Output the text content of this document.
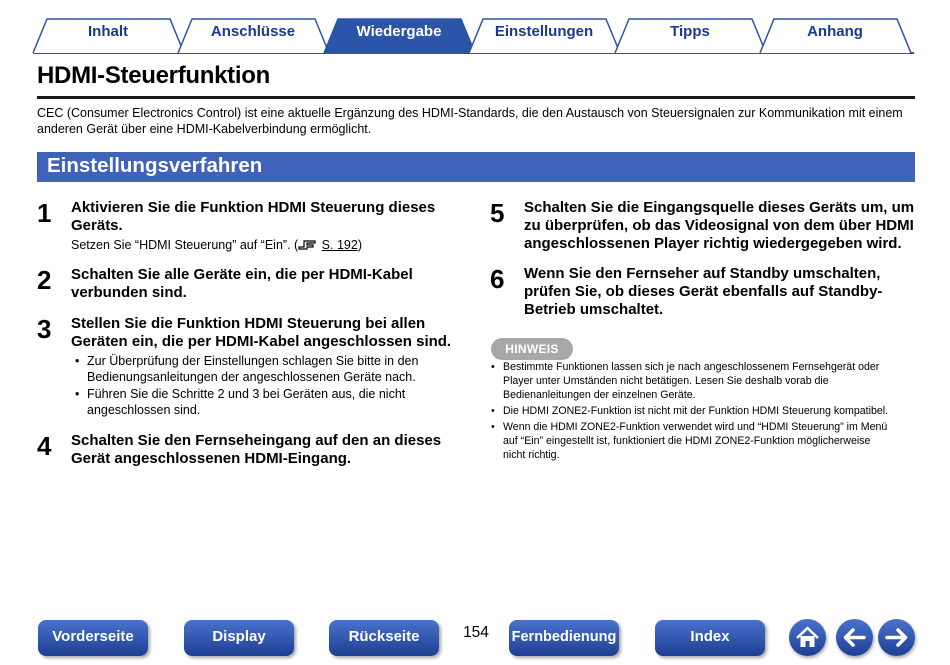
Inhalt	Anschlüsse	Wiedergabe	Einstellungen	Tipps	Anhang
HDMI-Steuerfunktion
CEC (Consumer Electronics Control) ist eine aktuelle Ergänzung des HDMI-Standards, die den Austausch von Steuersignalen zur Kommunikation mit einem anderen Gerät über eine HDMI-Kabelverbindung ermöglicht.
Einstellungsverfahren
1 Aktivieren Sie die Funktion HDMI Steuerung dieses
Geräts.
Setzen Sie “HDMI Steuerung” auf “Ein”. ( S. 192)
2 Schalten Sie alle Geräte ein, die per HDMI-Kabel
verbunden sind.
3 Stellen Sie die Funktion HDMI Steuerung bei allen
Geräten ein, die per HDMI-Kabel angeschlossen sind.
• Zur Überprüfung der Einstellungen schlagen Sie bitte in den
Bedienungsanleitungen der angeschlossenen Geräte nach.
• Führen Sie die Schritte 2 und 3 bei Geräten aus, die nicht
angeschlossen sind.
4 Schalten Sie den Fernseheingang auf den an dieses
Gerät angeschlossenen HDMI-Eingang.
5 Schalten Sie die Eingangsquelle dieses Geräts um, um
zu überprüfen, ob das Videosignal von dem über HDMI
angeschlossenen Player richtig wiedergegeben wird.
6 Wenn Sie den Fernseher auf Standby umschalten,
prüfen Sie, ob dieses Gerät ebenfalls auf Standby-
Betrieb umschaltet.
HINWEIS
• Bestimmte Funktionen lassen sich je nach angeschlossenem Fernsehgerät oder
Player unter Umständen nicht betätigen. Lesen Sie deshalb vorab die
Bedienanleitungen der einzelnen Geräte.
• Die HDMI ZONE2-Funktion ist nicht mit der Funktion HDMI Steuerung kompatibel.
• Wenn die HDMI ZONE2-Funktion verwendet wird und “HDMI Steuerung” im Menü
auf “Ein” eingestellt ist, funktioniert die HDMI ZONE2-Funktion möglicherweise
nicht richtig.
Vorderseite	Display	Rückseite	154	Fernbedienung	Index
